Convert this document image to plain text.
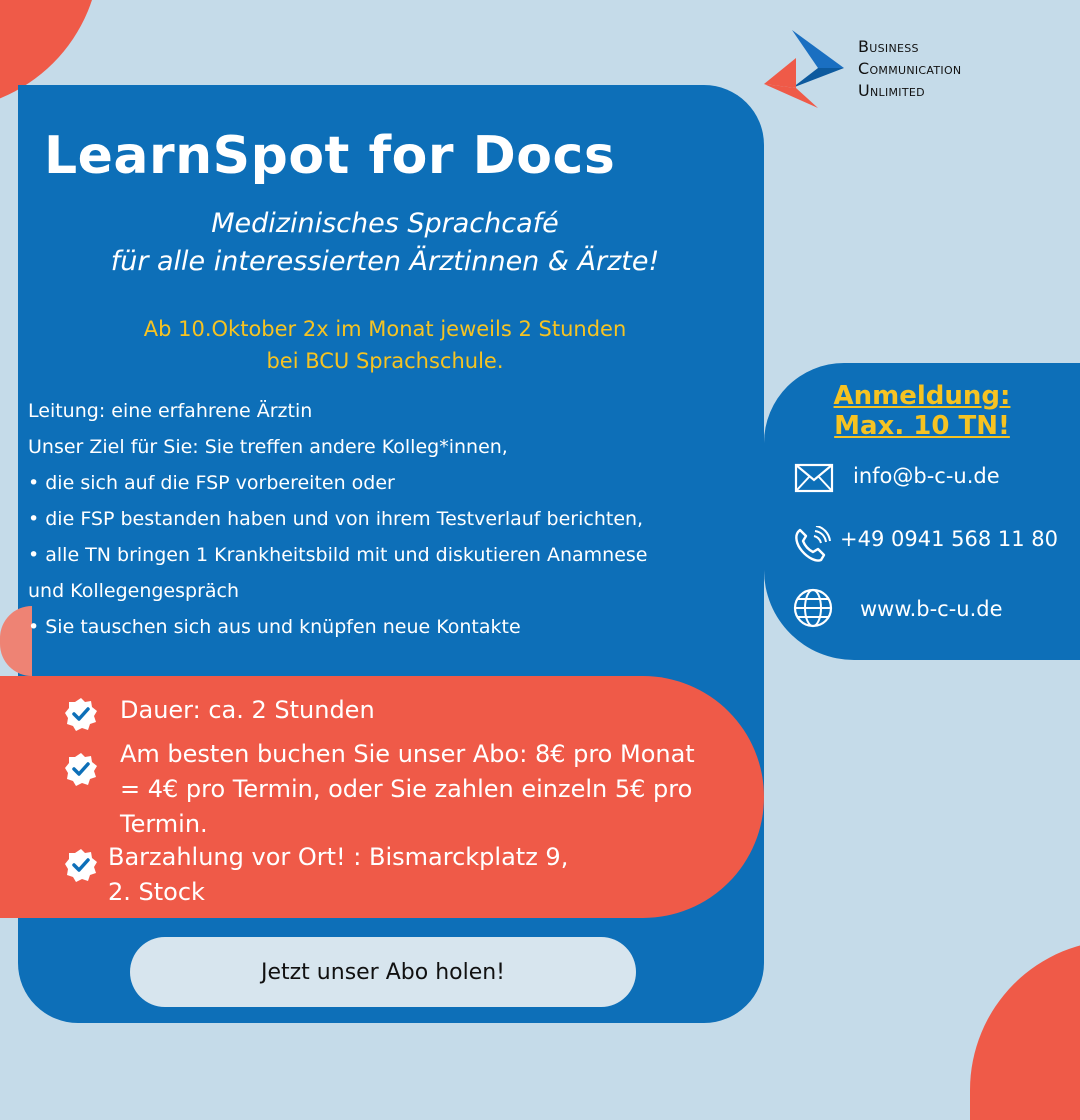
Business
Communication
Unlimited
LearnSpot for Docs
Medizinisches Sprachcafé
für alle interessierten Ärztinnen & Ärzte!
Ab 10.Oktober 2x im Monat jeweils 2 Stunden
bei BCU Sprachschule.
Leitung: eine erfahrene Ärztin
Unser Ziel für Sie: Sie treffen andere Kolleg*innen,
• die sich auf die FSP vorbereiten oder
• die FSP bestanden haben und von ihrem Testverlauf berichten,
• alle TN bringen 1 Krankheitsbild mit und diskutieren Anamnese
und Kollegengespräch
• Sie tauschen sich aus und knüpfen neue Kontakte
Dauer: ca. 2 Stunden
Am besten buchen Sie unser Abo: 8€ pro Monat
= 4€ pro Termin, oder Sie zahlen einzeln 5€ pro
Termin.
Barzahlung vor Ort! : Bismarckplatz 9,
2. Stock
Jetzt unser Abo holen!
Anmeldung:
Max. 10 TN!
info@b-c-u.de
+49 0941 568 11 80
www.b-c-u.de
